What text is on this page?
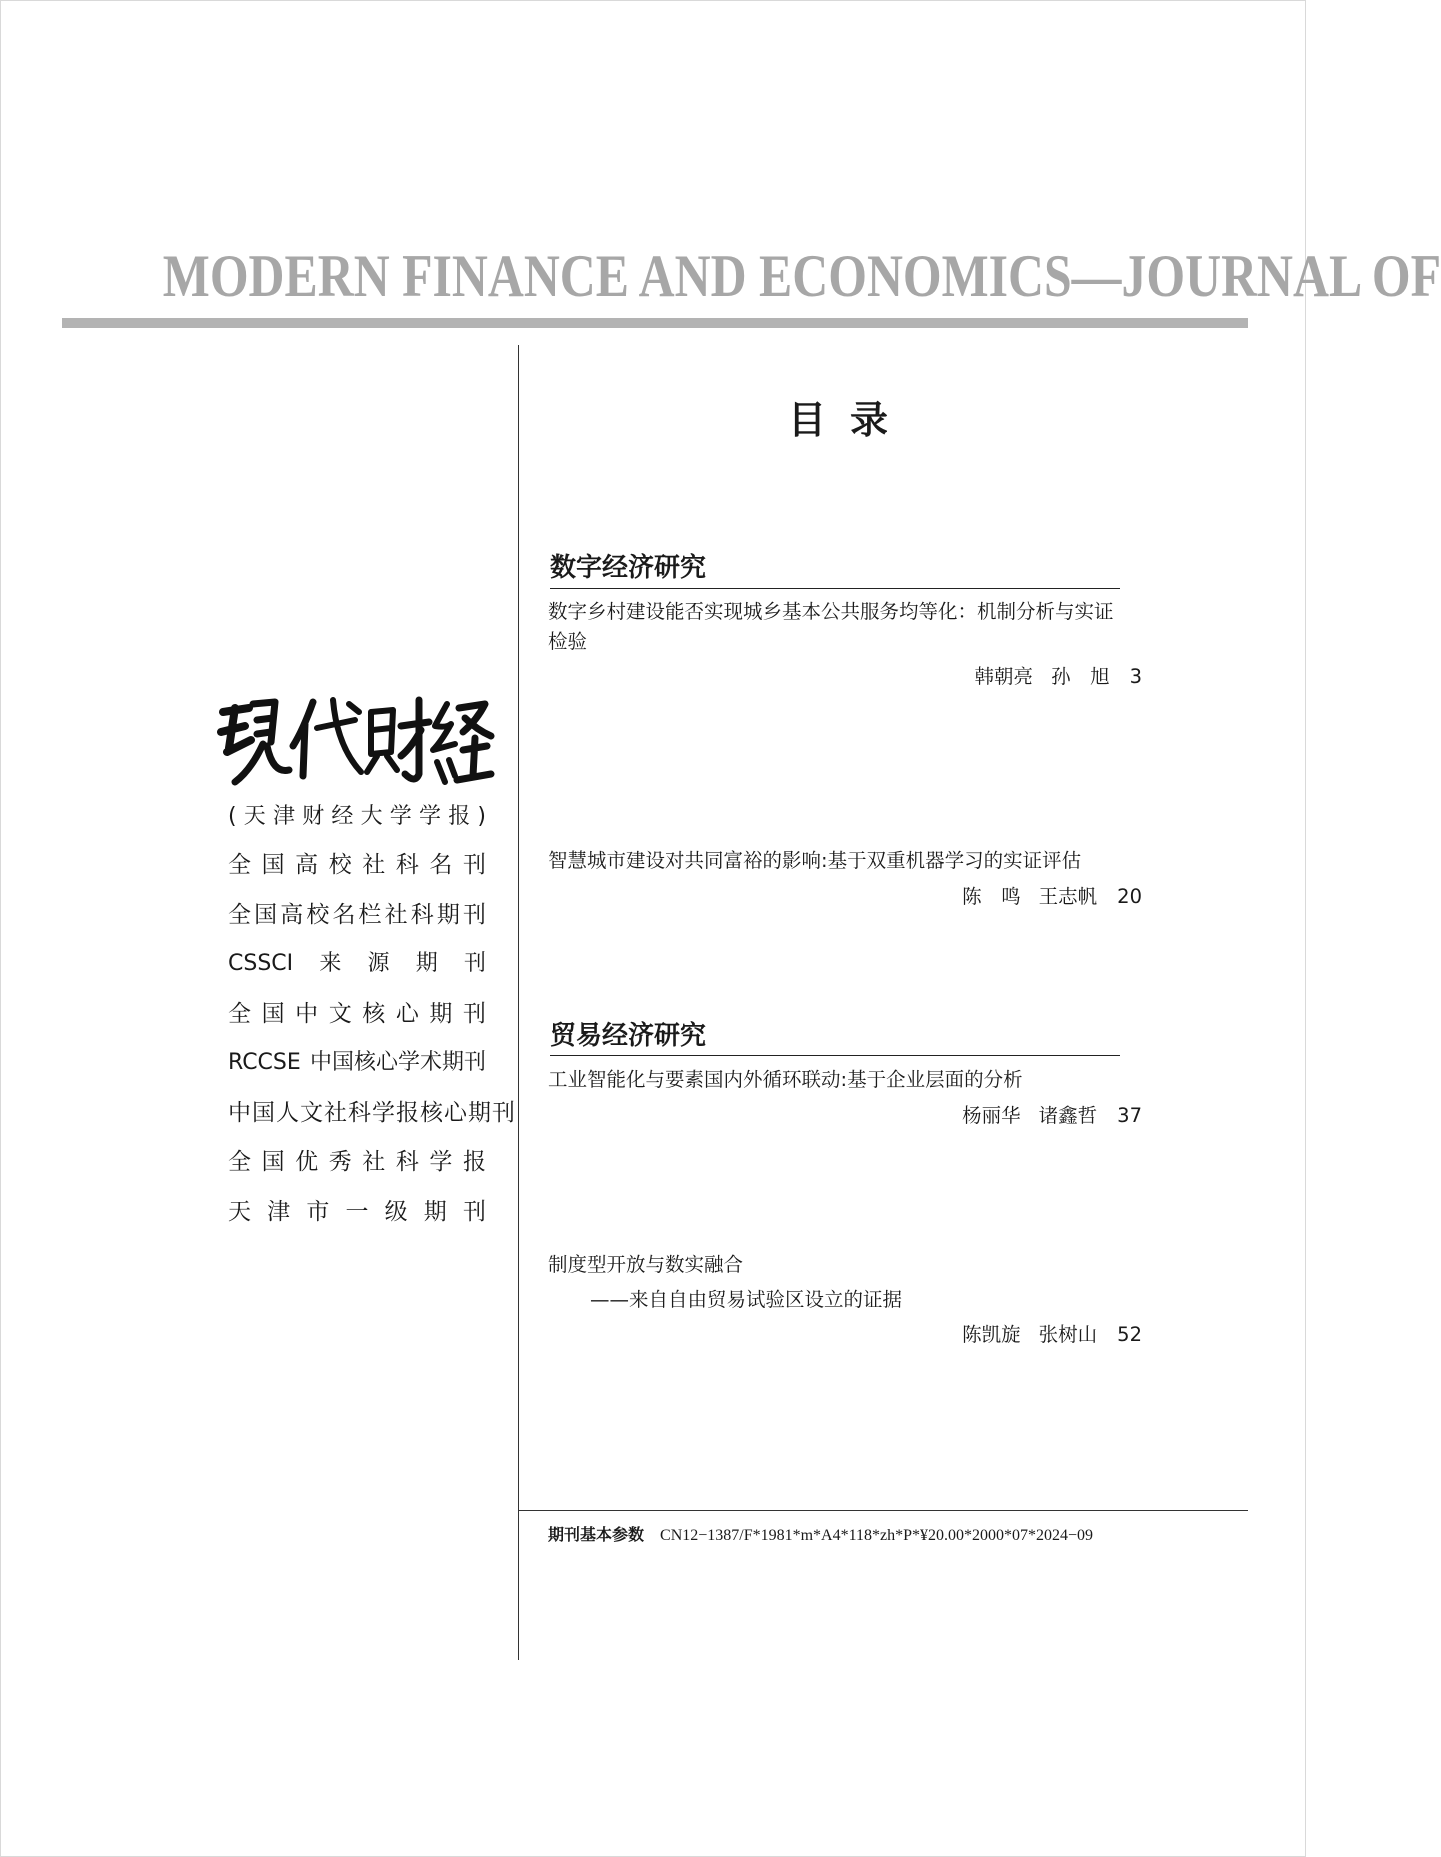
MODERN FINANCE AND ECONOMICS—JOURNAL OF
( 天 津 财 经 大 学 学 报 )
全 国 高 校 社 科 名 刊
全 国 高 校 名 栏 社 科 期 刊
CSSCI 来 源 期 刊
全 国 中 文 核 心 期 刊
RCCSE 中国核心学术期刊
中国人文社科学报核心期刊
全 国 优 秀 社 科 学 报
天 津 市 一 级 期 刊
目录
数字经济研究
数字乡村建设能否实现城乡基本公共服务均等化：机制分析与实证
检验
韩朝亮 孙　旭 3
智慧城市建设对共同富裕的影响:基于双重机器学习的实证评估
陈　鸣 王志帆 20
贸易经济研究
工业智能化与要素国内外循环联动:基于企业层面的分析
杨丽华 诸鑫哲 37
制度型开放与数实融合
——来自自由贸易试验区设立的证据
陈凯旋 张树山 52
期刊基本参数 CN12−1387/F*1981*m*A4*118*zh*P*¥20.00*2000*07*2024−09
